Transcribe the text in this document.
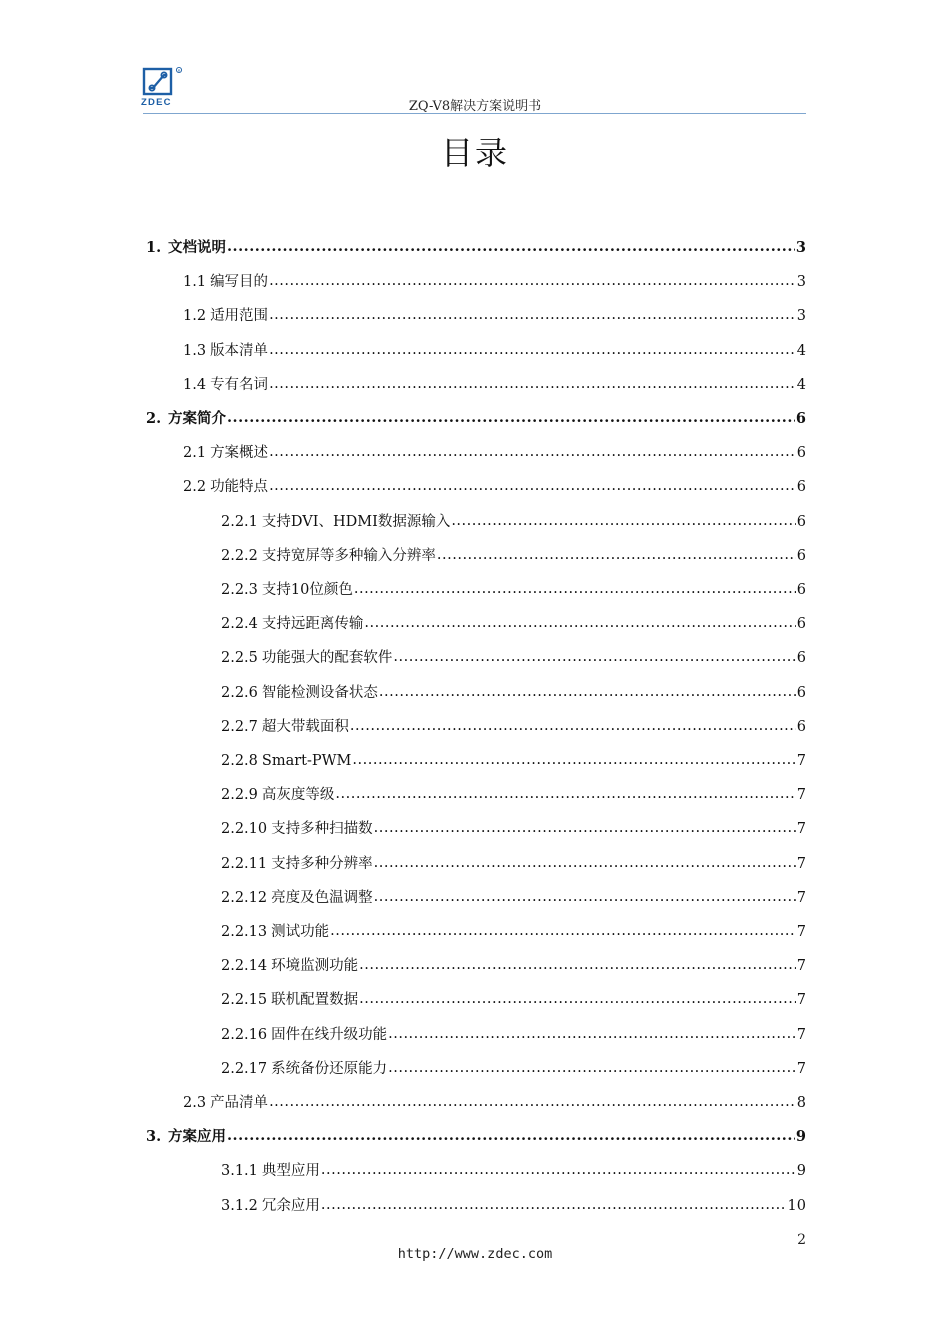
R
ZDEC	ZQ-V8解决方案说明书
目录
1. 文档说明 .....	3
1.1 编写目的 .....	3
1.2 适用范围 .....	3
1.3 版本清单 .....	4
1.4 专有名词 .....	4
2. 方案简介 .....	6
2.1 方案概述 .....	6
2.2 功能特点 .....	6
2.2.1 支持DVI、HDMI数据源输入 .....	6
2.2.2 支持宽屏等多种输入分辨率 .....	6
2.2.3 支持10位颜色 .....	6
2.2.4 支持远距离传输 .....	6
2.2.5 功能强大的配套软件 .....	6
2.2.6 智能检测设备状态 .....	6
2.2.7 超大带载面积 .....	6
2.2.8 Smart-PWM .....	7
2.2.9 高灰度等级 .....	7
2.2.10 支持多种扫描数 .....	7
2.2.11 支持多种分辨率 .....	7
2.2.12 亮度及色温调整 .....	7
2.2.13 测试功能 .....	7
2.2.14 环境监测功能 .....	7
2.2.15 联机配置数据 .....	7
2.2.16 固件在线升级功能 .....	7
2.2.17 系统备份还原能力 .....	7
2.3 产品清单 .....	8
3. 方案应用 .....	9
3.1.1 典型应用 .....	9
3.1.2 冗余应用 .....	10
2
http://www.zdec.com
